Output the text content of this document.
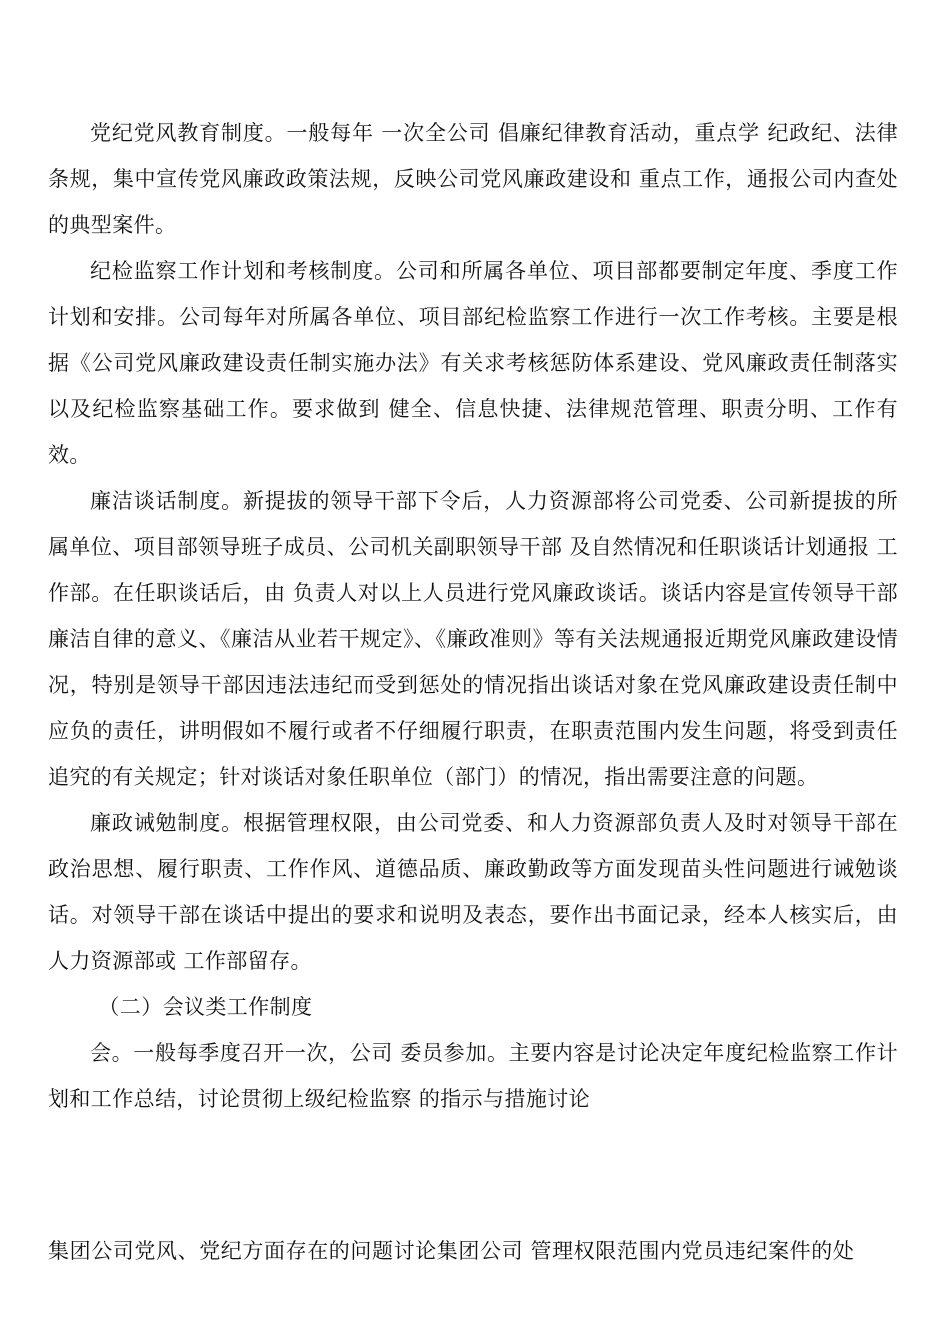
党纪党风教育制度。一般每年 一次全公司 倡廉纪律教育活动，重点学 纪政纪、法律条规，集中宣传党风廉政政策法规，反映公司党风廉政建设和 重点工作，通报公司内查处的典型案件。

纪检监察工作计划和考核制度。公司和所属各单位、项目部都要制定年度、季度工作计划和安排。公司每年对所属各单位、项目部纪检监察工作进行一次工作考核。主要是根据《公司党风廉政建设责任制实施办法》有关求考核惩防体系建设、党风廉政责任制落实以及纪检监察基础工作。要求做到 健全、信息快捷、法律规范管理、职责分明、工作有效。

廉洁谈话制度。新提拔的领导干部下令后，人力资源部将公司党委、公司新提拔的所属单位、项目部领导班子成员、公司机关副职领导干部 及自然情况和任职谈话计划通报 工作部。在任职谈话后，由 负责人对以上人员进行党风廉政谈话。谈话内容是宣传领导干部廉洁自律的意义、《廉洁从业若干规定》、《廉政准则》等有关法规通报近期党风廉政建设情况，特别是领导干部因违法违纪而受到惩处的情况指出谈话对象在党风廉政建设责任制中应负的责任，讲明假如不履行或者不仔细履行职责，在职责范围内发生问题，将受到责任追究的有关规定；针对谈话对象任职单位（部门）的情况，指出需要注意的问题。

廉政诫勉制度。根据管理权限，由公司党委、和人力资源部负责人及时对领导干部在政治思想、履行职责、工作作风、道德品质、廉政勤政等方面发现苗头性问题进行诫勉谈话。对领导干部在谈话中提出的要求和说明及表态，要作出书面记录，经本人核实后，由人力资源部或 工作部留存。

（二）会议类工作制度

会。一般每季度召开一次，公司 委员参加。主要内容是讨论决定年度纪检监察工作计划和工作总结，讨论贯彻上级纪检监察 的指示与措施讨论

集团公司党风、党纪方面存在的问题讨论集团公司 管理权限范围内党员违纪案件的处
